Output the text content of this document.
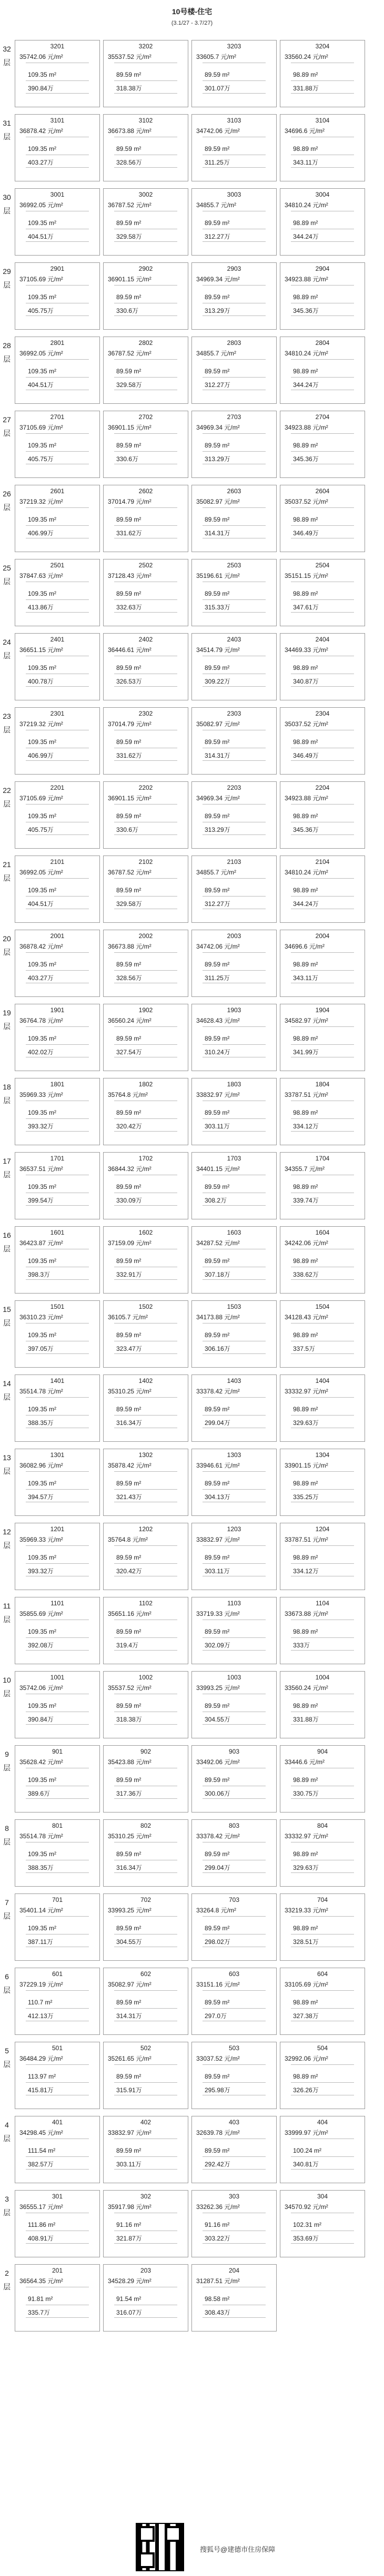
10号楼-住宅
(3.1/27 - 3.7/27)
32层
3201
35742.06 元/m²
109.35 m²
390.84万
3202
35537.52 元/m²
89.59 m²
318.38万
3203
33605.7 元/m²
89.59 m²
301.07万
3204
33560.24 元/m²
98.89 m²
331.88万
31层
3101
36878.42 元/m²
109.35 m²
403.27万
3102
36673.88 元/m²
89.59 m²
328.56万
3103
34742.06 元/m²
89.59 m²
311.25万
3104
34696.6 元/m²
98.89 m²
343.11万
30层
3001
36992.05 元/m²
109.35 m²
404.51万
3002
36787.52 元/m²
89.59 m²
329.58万
3003
34855.7 元/m²
89.59 m²
312.27万
3004
34810.24 元/m²
98.89 m²
344.24万
29层
2901
37105.69 元/m²
109.35 m²
405.75万
2902
36901.15 元/m²
89.59 m²
330.6万
2903
34969.34 元/m²
89.59 m²
313.29万
2904
34923.88 元/m²
98.89 m²
345.36万
28层
2801
36992.05 元/m²
109.35 m²
404.51万
2802
36787.52 元/m²
89.59 m²
329.58万
2803
34855.7 元/m²
89.59 m²
312.27万
2804
34810.24 元/m²
98.89 m²
344.24万
27层
2701
37105.69 元/m²
109.35 m²
405.75万
2702
36901.15 元/m²
89.59 m²
330.6万
2703
34969.34 元/m²
89.59 m²
313.29万
2704
34923.88 元/m²
98.89 m²
345.36万
26层
2601
37219.32 元/m²
109.35 m²
406.99万
2602
37014.79 元/m²
89.59 m²
331.62万
2603
35082.97 元/m²
89.59 m²
314.31万
2604
35037.52 元/m²
98.89 m²
346.49万
25层
2501
37847.63 元/m²
109.35 m²
413.86万
2502
37128.43 元/m²
89.59 m²
332.63万
2503
35196.61 元/m²
89.59 m²
315.33万
2504
35151.15 元/m²
98.89 m²
347.61万
24层
2401
36651.15 元/m²
109.35 m²
400.78万
2402
36446.61 元/m²
89.59 m²
326.53万
2403
34514.79 元/m²
89.59 m²
309.22万
2404
34469.33 元/m²
98.89 m²
340.87万
23层
2301
37219.32 元/m²
109.35 m²
406.99万
2302
37014.79 元/m²
89.59 m²
331.62万
2303
35082.97 元/m²
89.59 m²
314.31万
2304
35037.52 元/m²
98.89 m²
346.49万
22层
2201
37105.69 元/m²
109.35 m²
405.75万
2202
36901.15 元/m²
89.59 m²
330.6万
2203
34969.34 元/m²
89.59 m²
313.29万
2204
34923.88 元/m²
98.89 m²
345.36万
21层
2101
36992.05 元/m²
109.35 m²
404.51万
2102
36787.52 元/m²
89.59 m²
329.58万
2103
34855.7 元/m²
89.59 m²
312.27万
2104
34810.24 元/m²
98.89 m²
344.24万
20层
2001
36878.42 元/m²
109.35 m²
403.27万
2002
36673.88 元/m²
89.59 m²
328.56万
2003
34742.06 元/m²
89.59 m²
311.25万
2004
34696.6 元/m²
98.89 m²
343.11万
19层
1901
36764.78 元/m²
109.35 m²
402.02万
1902
36560.24 元/m²
89.59 m²
327.54万
1903
34628.43 元/m²
89.59 m²
310.24万
1904
34582.97 元/m²
98.89 m²
341.99万
18层
1801
35969.33 元/m²
109.35 m²
393.32万
1802
35764.8 元/m²
89.59 m²
320.42万
1803
33832.97 元/m²
89.59 m²
303.11万
1804
33787.51 元/m²
98.89 m²
334.12万
17层
1701
36537.51 元/m²
109.35 m²
399.54万
1702
36844.32 元/m²
89.59 m²
330.09万
1703
34401.15 元/m²
89.59 m²
308.2万
1704
34355.7 元/m²
98.89 m²
339.74万
16层
1601
36423.87 元/m²
109.35 m²
398.3万
1602
37159.09 元/m²
89.59 m²
332.91万
1603
34287.52 元/m²
89.59 m²
307.18万
1604
34242.06 元/m²
98.89 m²
338.62万
15层
1501
36310.23 元/m²
109.35 m²
397.05万
1502
36105.7 元/m²
89.59 m²
323.47万
1503
34173.88 元/m²
89.59 m²
306.16万
1504
34128.43 元/m²
98.89 m²
337.5万
14层
1401
35514.78 元/m²
109.35 m²
388.35万
1402
35310.25 元/m²
89.59 m²
316.34万
1403
33378.42 元/m²
89.59 m²
299.04万
1404
33332.97 元/m²
98.89 m²
329.63万
13层
1301
36082.96 元/m²
109.35 m²
394.57万
1302
35878.42 元/m²
89.59 m²
321.43万
1303
33946.61 元/m²
89.59 m²
304.13万
1304
33901.15 元/m²
98.89 m²
335.25万
12层
1201
35969.33 元/m²
109.35 m²
393.32万
1202
35764.8 元/m²
89.59 m²
320.42万
1203
33832.97 元/m²
89.59 m²
303.11万
1204
33787.51 元/m²
98.89 m²
334.12万
11层
1101
35855.69 元/m²
109.35 m²
392.08万
1102
35651.16 元/m²
89.59 m²
319.4万
1103
33719.33 元/m²
89.59 m²
302.09万
1104
33673.88 元/m²
98.89 m²
333万
10层
1001
35742.06 元/m²
109.35 m²
390.84万
1002
35537.52 元/m²
89.59 m²
318.38万
1003
33993.25 元/m²
89.59 m²
304.55万
1004
33560.24 元/m²
98.89 m²
331.88万
9层
901
35628.42 元/m²
109.35 m²
389.6万
902
35423.88 元/m²
89.59 m²
317.36万
903
33492.06 元/m²
89.59 m²
300.06万
904
33446.6 元/m²
98.89 m²
330.75万
8层
801
35514.78 元/m²
109.35 m²
388.35万
802
35310.25 元/m²
89.59 m²
316.34万
803
33378.42 元/m²
89.59 m²
299.04万
804
33332.97 元/m²
98.89 m²
329.63万
7层
701
35401.14 元/m²
109.35 m²
387.11万
702
33993.25 元/m²
89.59 m²
304.55万
703
33264.8 元/m²
89.59 m²
298.02万
704
33219.33 元/m²
98.89 m²
328.51万
6层
601
37229.19 元/m²
110.7 m²
412.13万
602
35082.97 元/m²
89.59 m²
314.31万
603
33151.16 元/m²
89.59 m²
297.0万
604
33105.69 元/m²
98.89 m²
327.38万
5层
501
36484.29 元/m²
113.97 m²
415.81万
502
35261.65 元/m²
89.59 m²
315.91万
503
33037.52 元/m²
89.59 m²
295.98万
504
32992.06 元/m²
98.89 m²
326.26万
4层
401
34298.45 元/m²
111.54 m²
382.57万
402
33832.97 元/m²
89.59 m²
303.11万
403
32639.78 元/m²
89.59 m²
292.42万
404
33999.97 元/m²
100.24 m²
340.81万
3层
301
36555.17 元/m²
111.86 m²
408.91万
302
35917.98 元/m²
91.16 m²
321.87万
303
33262.36 元/m²
91.16 m²
303.22万
304
34570.92 元/m²
102.31 m²
353.69万
2层
201
36564.35 元/m²
91.81 m²
335.7万
203
34528.29 元/m²
91.54 m²
316.07万
204
31287.51 元/m²
98.58 m²
308.43万
搜狐号@建德市住房保障
